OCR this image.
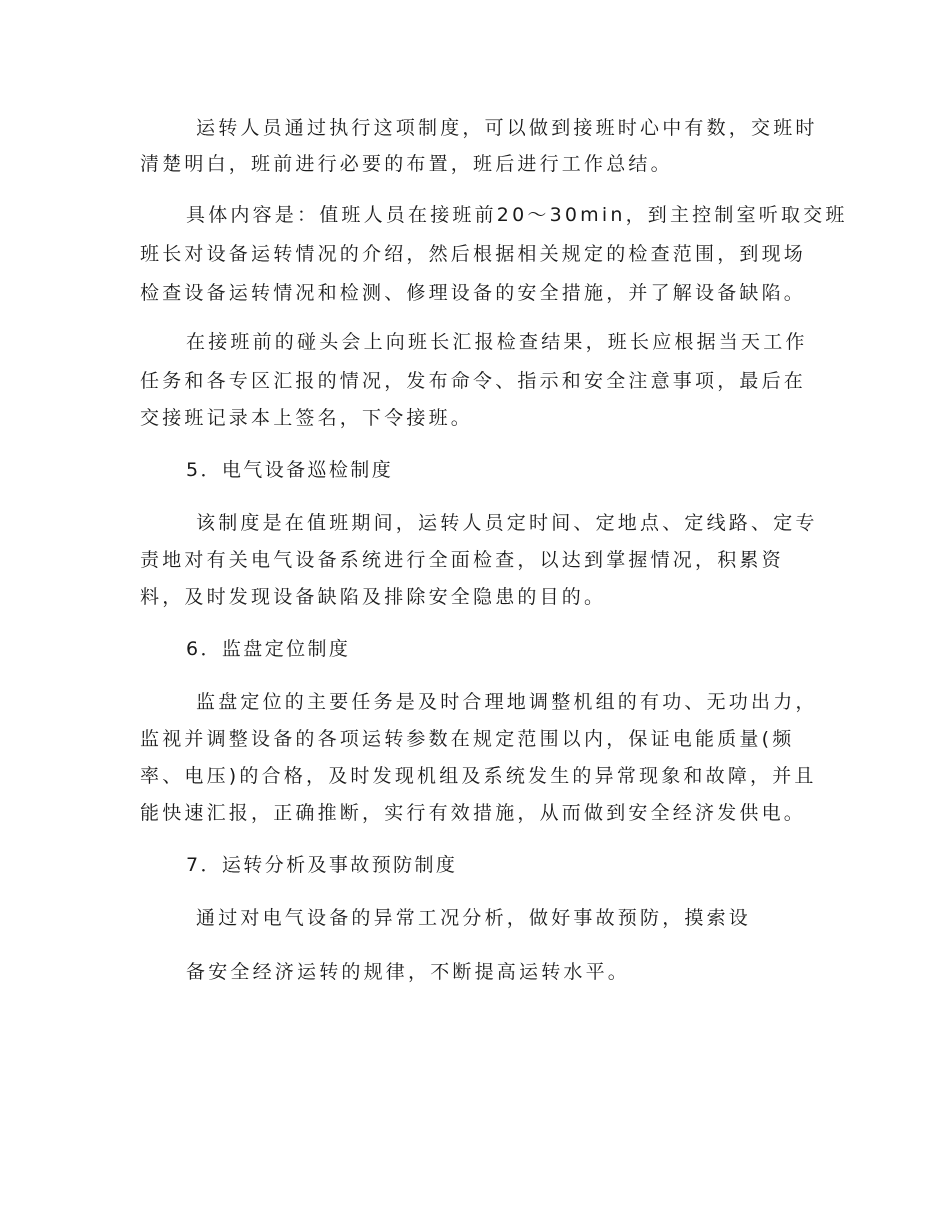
运转人员通过执行这项制度，可以做到接班时心中有数，交班时
清楚明白，班前进行必要的布置，班后进行工作总结。
具体内容是：值班人员在接班前20～30min，到主控制室听取交班
班长对设备运转情况的介绍，然后根据相关规定的检查范围，到现场
检查设备运转情况和检测、修理设备的安全措施，并了解设备缺陷。
在接班前的碰头会上向班长汇报检查结果，班长应根据当天工作
任务和各专区汇报的情况，发布命令、指示和安全注意事项，最后在
交接班记录本上签名，下令接班。
5．电气设备巡检制度
该制度是在值班期间，运转人员定时间、定地点、定线路、定专
责地对有关电气设备系统进行全面检查，以达到掌握情况，积累资
料，及时发现设备缺陷及排除安全隐患的目的。
6．监盘定位制度
监盘定位的主要任务是及时合理地调整机组的有功、无功出力，
监视并调整设备的各项运转参数在规定范围以内，保证电能质量(频
率、电压)的合格，及时发现机组及系统发生的异常现象和故障，并且
能快速汇报，正确推断，实行有效措施，从而做到安全经济发供电。
7．运转分析及事故预防制度
通过对电气设备的异常工况分析，做好事故预防，摸索设
备安全经济运转的规律，不断提高运转水平。
